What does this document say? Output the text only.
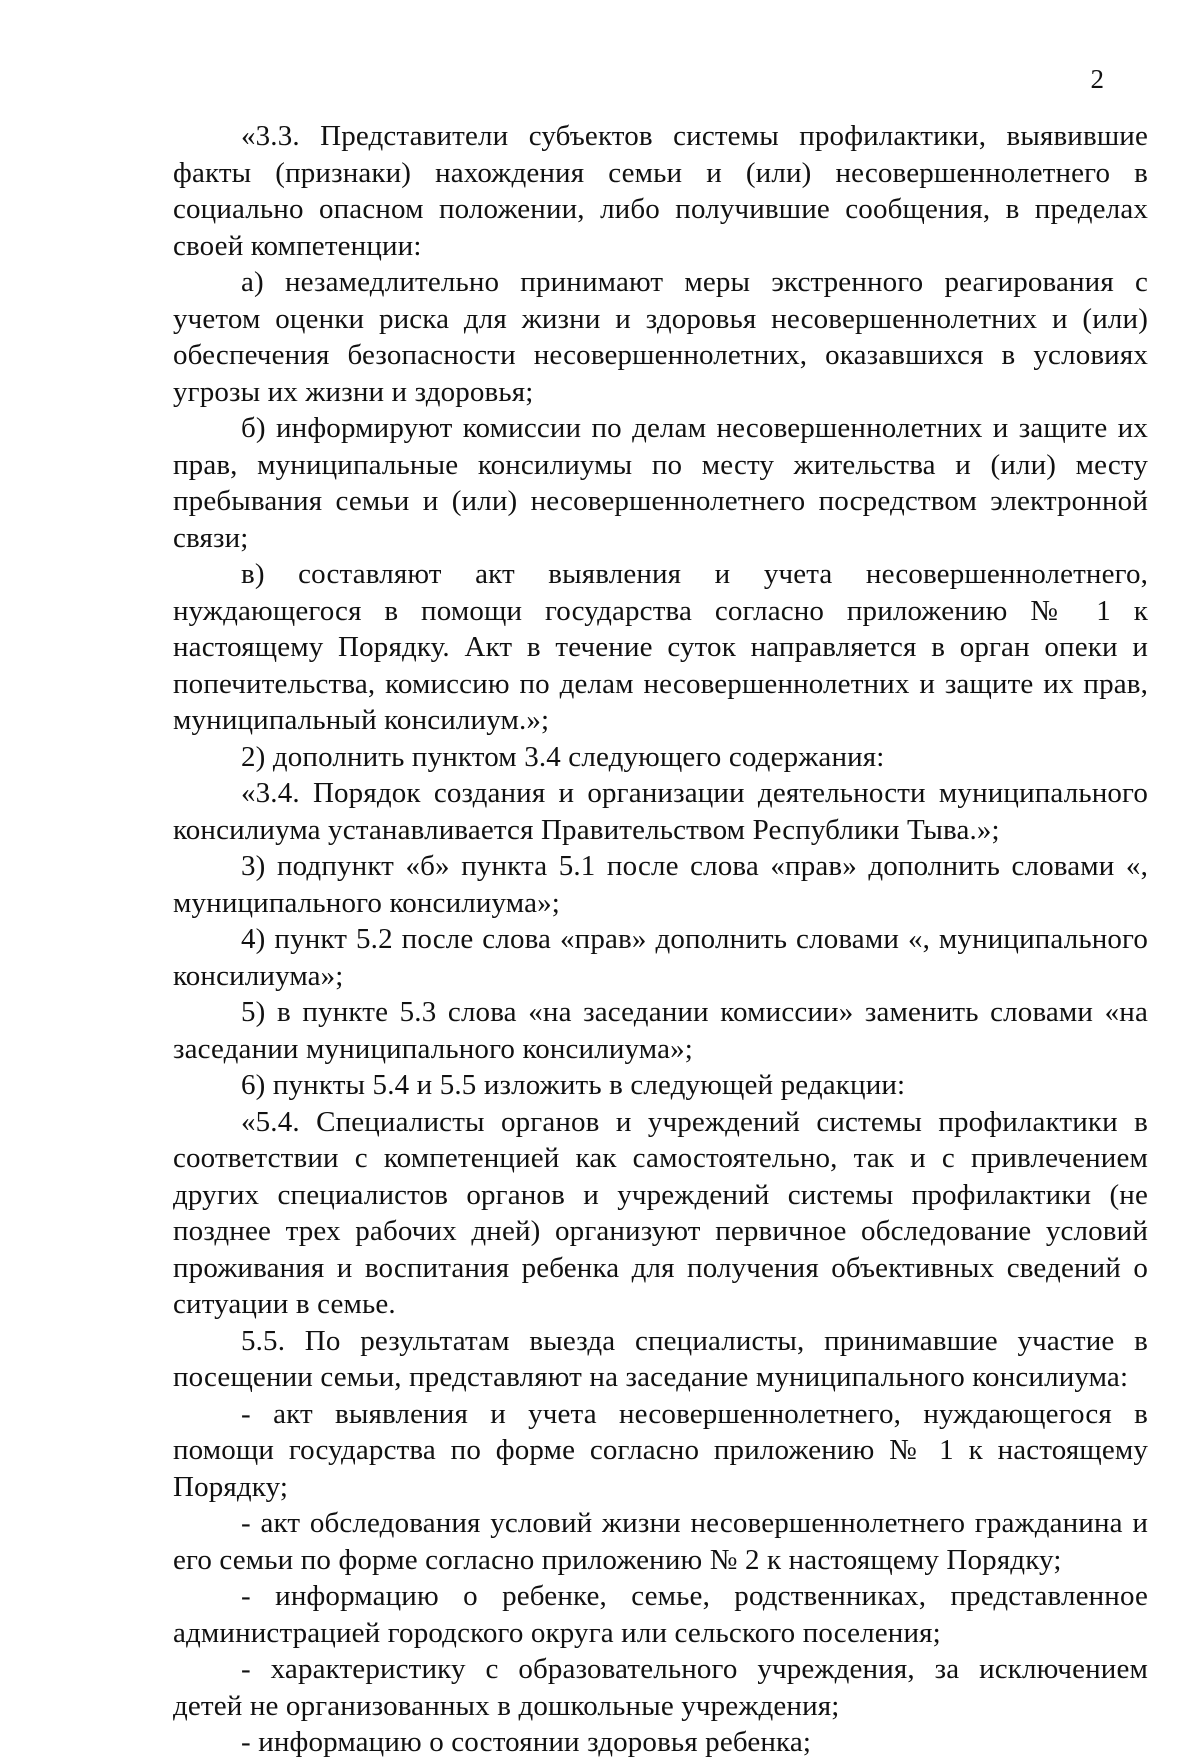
2

«3.3. Представители субъектов системы профилактики, выявившие факты (признаки) нахождения семьи и (или) несовершеннолетнего в социально опасном положении, либо получившие сообщения, в пределах своей компетенции:

а) незамедлительно принимают меры экстренного реагирования с учетом оценки риска для жизни и здоровья несовершеннолетних и (или) обеспечения безопасности несовершеннолетних, оказавшихся в условиях угрозы их жизни и здоровья;

б) информируют комиссии по делам несовершеннолетних и защите их прав, муниципальные консилиумы по месту жительства и (или) месту пребывания семьи и (или) несовершеннолетнего посредством электронной связи;

в) составляют акт выявления и учета несовершеннолетнего, нуждающегося в помощи государства согласно приложению № 1 к настоящему Порядку. Акт в течение суток направляется в орган опеки и попечительства, комиссию по делам несовершеннолетних и защите их прав, муниципальный консилиум.»;

2) дополнить пунктом 3.4 следующего содержания:

«3.4. Порядок создания и организации деятельности муниципального консилиума устанавливается Правительством Республики Тыва.»;

3) подпункт «б» пункта 5.1 после слова «прав» дополнить словами «, муниципального консилиума»;

4) пункт 5.2 после слова «прав» дополнить словами «, муниципального консилиума»;

5) в пункте 5.3 слова «на заседании комиссии» заменить словами «на заседании муниципального консилиума»;

6) пункты 5.4 и 5.5 изложить в следующей редакции:

«5.4. Специалисты органов и учреждений системы профилактики в соответствии с компетенцией как самостоятельно, так и с привлечением других специалистов органов и учреждений системы профилактики (не позднее трех рабочих дней) организуют первичное обследование условий проживания и воспитания ребенка для получения объективных сведений о ситуации в семье.

5.5. По результатам выезда специалисты, принимавшие участие в посещении семьи, представляют на заседание муниципального консилиума:

- акт выявления и учета несовершеннолетнего, нуждающегося в помощи государства по форме согласно приложению № 1 к настоящему Порядку;

- акт обследования условий жизни несовершеннолетнего гражданина и его семьи по форме согласно приложению № 2 к настоящему Порядку;

- информацию о ребенке, семье, родственниках, представленное администрацией городского округа или сельского поселения;

- характеристику с образовательного учреждения, за исключением детей не организованных в дошкольные учреждения;

- информацию о состоянии здоровья ребенка;
